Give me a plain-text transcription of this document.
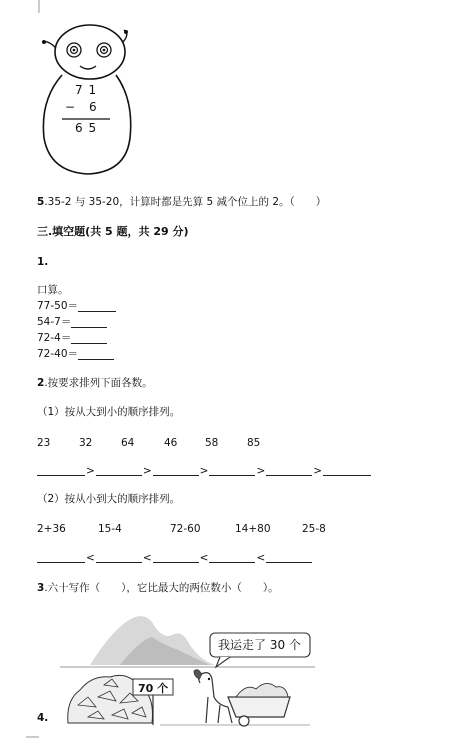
7 1
− 6
6 5
5.35-2 与 35-20，计算时都是先算 5 减个位上的 2。（　　）
三.填空题(共 5 题，共 29 分)
1.
口算。
77-50＝
54-7＝
72-4＝
72-40＝
2.按要求排列下面各数。
（1）按从大到小的顺序排列。
23	32	64	46	58	85
>	>	>	>	>
（2）按从小到大的顺序排列。
2+36	15-4	72-60	14+80	25-8
<	<	<	<
3.六十写作（　　），它比最大的两位数小（　　）。
我运走了 30 个
70 个
4.
